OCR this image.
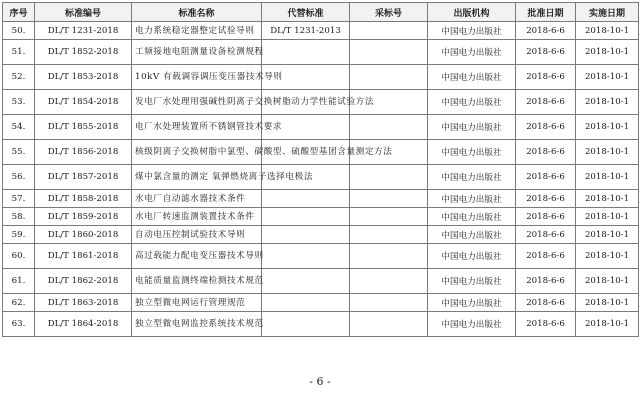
序号	标准编号	标准名称	代替标准	采标号	出版机构	批准日期	实施日期
50.	DL/T 1231-2018	电力系统稳定器整定试验导则	DL/T 1231-2013		中国电力出版社	2018-6-6	2018-10-1
51.	DL/T 1852-2018	工频接地电阻测量设备检测规程			中国电力出版社	2018-6-6	2018-10-1
52.	DL/T 1853-2018	10kV 有载调容调压变压器技术导则			中国电力出版社	2018-6-6	2018-10-1
53.	DL/T 1854-2018	发电厂水处理用强碱性阴离子交换树脂动力学性能试验方法			中国电力出版社	2018-6-6	2018-10-1
54.	DL/T 1855-2018	电厂水处理装置所不锈钢管技术要求			中国电力出版社	2018-6-6	2018-10-1
55.	DL/T 1856-2018	核级阴离子交换树脂中氯型、碳酸型、硫酸型基团含量测定方法			中国电力出版社	2018-6-6	2018-10-1
56.	DL/T 1857-2018	煤中氯含量的测定 氧弹燃烧离子选择电极法			中国电力出版社	2018-6-6	2018-10-1
57.	DL/T 1858-2018	水电厂自动滤水器技术条件			中国电力出版社	2018-6-6	2018-10-1
58.	DL/T 1859-2018	水电厂转速监测装置技术条件			中国电力出版社	2018-6-6	2018-10-1
59.	DL/T 1860-2018	自动电压控制试验技术导则			中国电力出版社	2018-6-6	2018-10-1
60.	DL/T 1861-2018	高过载能力配电变压器技术导则			中国电力出版社	2018-6-6	2018-10-1
61.	DL/T 1862-2018	电能质量监测终端检测技术规范			中国电力出版社	2018-6-6	2018-10-1
62.	DL/T 1863-2018	独立型微电网运行管理规范			中国电力出版社	2018-6-6	2018-10-1
63.	DL/T 1864-2018	独立型微电网监控系统技术规范			中国电力出版社	2018-6-6	2018-10-1
- 6 -
